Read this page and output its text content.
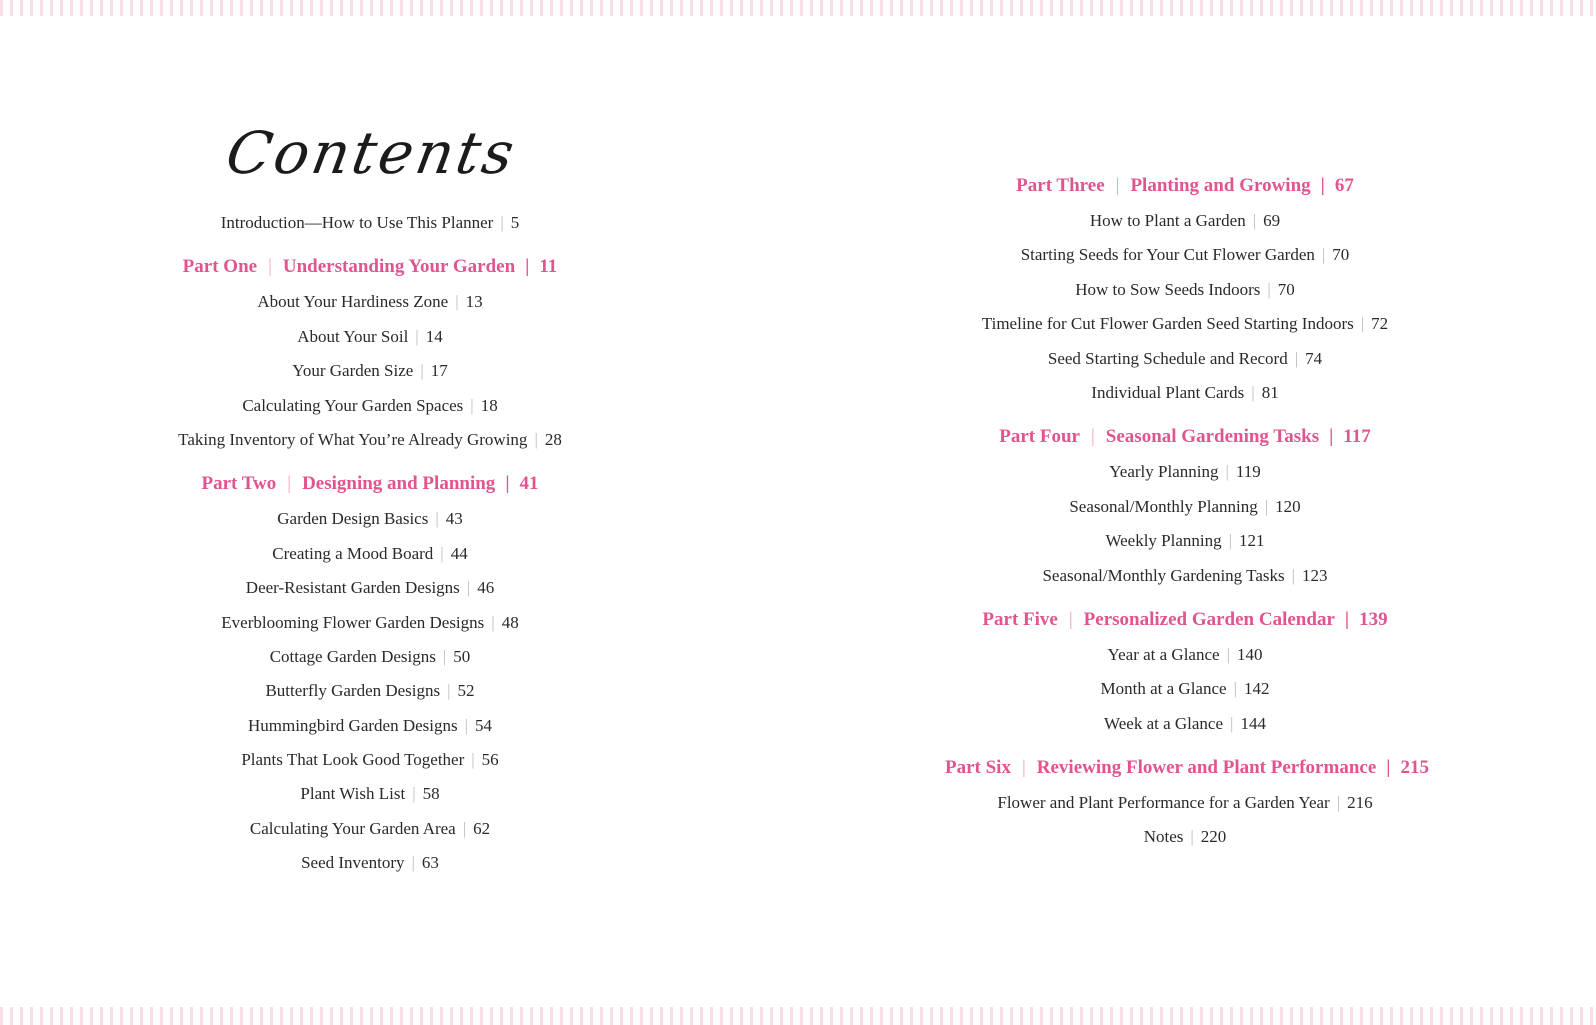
Contents
Introduction—How to Use This Planner | 5
Part One | Understanding Your Garden | 11
About Your Hardiness Zone | 13
About Your Soil | 14
Your Garden Size | 17
Calculating Your Garden Spaces | 18
Taking Inventory of What You’re Already Growing | 28
Part Two | Designing and Planning | 41
Garden Design Basics | 43
Creating a Mood Board | 44
Deer-Resistant Garden Designs | 46
Everblooming Flower Garden Designs | 48
Cottage Garden Designs | 50
Butterfly Garden Designs | 52
Hummingbird Garden Designs | 54
Plants That Look Good Together | 56
Plant Wish List | 58
Calculating Your Garden Area | 62
Seed Inventory | 63
Part Three | Planting and Growing | 67
How to Plant a Garden | 69
Starting Seeds for Your Cut Flower Garden | 70
How to Sow Seeds Indoors | 70
Timeline for Cut Flower Garden Seed Starting Indoors | 72
Seed Starting Schedule and Record | 74
Individual Plant Cards | 81
Part Four | Seasonal Gardening Tasks | 117
Yearly Planning | 119
Seasonal/Monthly Planning | 120
Weekly Planning | 121
Seasonal/Monthly Gardening Tasks | 123
Part Five | Personalized Garden Calendar | 139
Year at a Glance | 140
Month at a Glance | 142
Week at a Glance | 144
Part Six | Reviewing Flower and Plant Performance | 215
Flower and Plant Performance for a Garden Year | 216
Notes | 220
